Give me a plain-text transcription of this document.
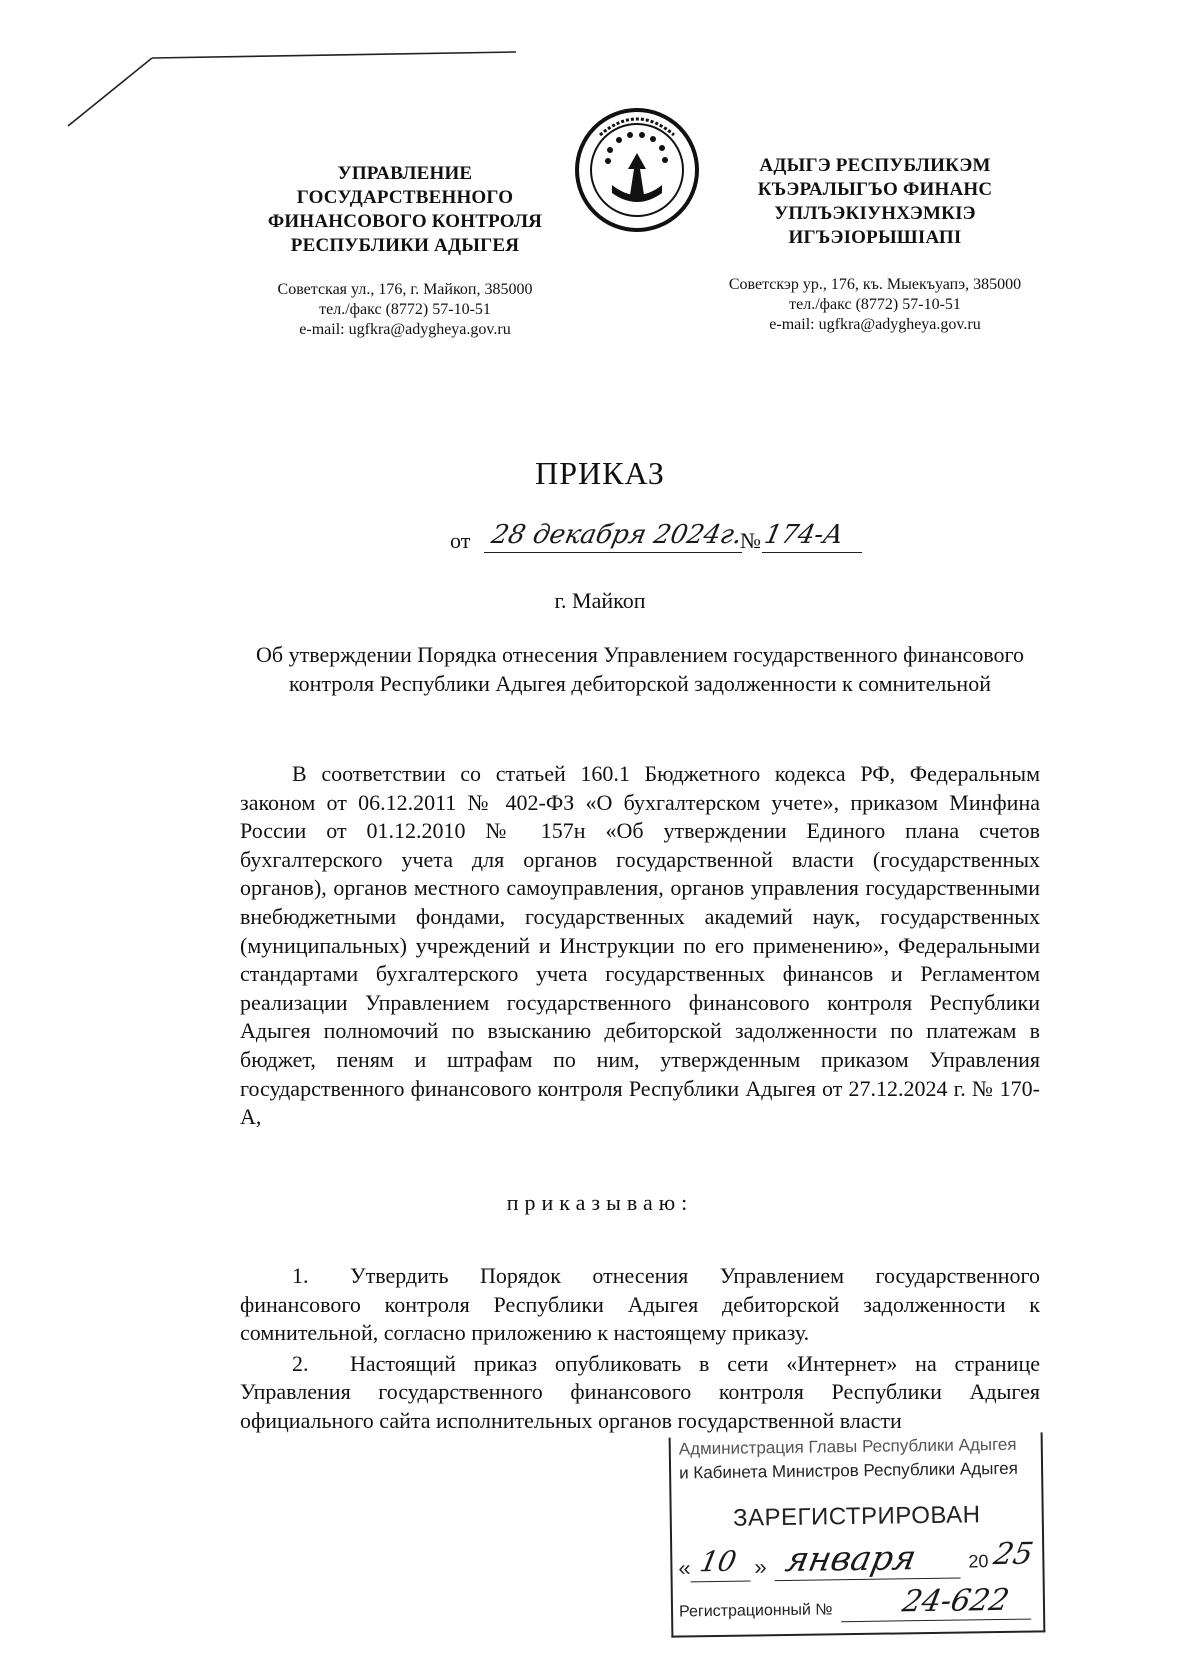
УПРАВЛЕНИЕ
ГОСУДАРСТВЕННОГО
ФИНАНСОВОГО КОНТРОЛЯ
РЕСПУБЛИКИ АДЫГЕЯ
АДЫГЭ РЕСПУБЛИКЭМ
КЪЭРАЛЫГЪО ФИНАНС
УПЛЪЭКIУНХЭМКIЭ
ИГЪЭIОРЫШIАПI
Советская ул., 176, г. Майкоп, 385000
тел./факс (8772) 57-10-51
e-mail: ugfkra@adygheya.gov.ru
Советскэр ур., 176, къ. Мыекъуапэ, 385000
тел./факс (8772) 57-10-51
e-mail: ugfkra@adygheya.gov.ru
ПРИКАЗ
от 28 декабря 2024г.
№ 174-А
г. Майкоп
Об утверждении Порядка отнесения Управлением государственного финансового контроля Республики Адыгея дебиторской задолженности к сомнительной

В соответствии со статьей 160.1 Бюджетного кодекса РФ, Федеральным законом от 06.12.2011 № 402-ФЗ «О бухгалтерском учете», приказом Минфина России от 01.12.2010 № 157н «Об утверждении Единого плана счетов бухгалтерского учета для органов государственной власти (государственных органов), органов местного самоуправления, органов управления государственными внебюджетными фондами, государственных академий наук, государственных (муниципальных) учреждений и Инструкции по его применению», Федеральными стандартами бухгалтерского учета государственных финансов и Регламентом реализации Управлением государственного финансового контроля Республики Адыгея полномочий по взысканию дебиторской задолженности по платежам в бюджет, пеням и штрафам по ним, утвержденным приказом Управления государственного финансового контроля Республики Адыгея от 27.12.2024 г. № 170-А,

приказываю:

1. Утвердить Порядок отнесения Управлением государственного финансового контроля Республики Адыгея дебиторской задолженности к сомнительной, согласно приложению к настоящему приказу.

2. Настоящий приказ опубликовать в сети «Интернет» на странице Управления государственного финансового контроля Республики Адыгея официального сайта исполнительных органов государственной власти

Администрация Главы Республики Адыгея
и Кабинета Министров Республики Адыгея
ЗАРЕГИСТРИРОВАН
« 10 » января	20 25
Регистрационный № 24-622
